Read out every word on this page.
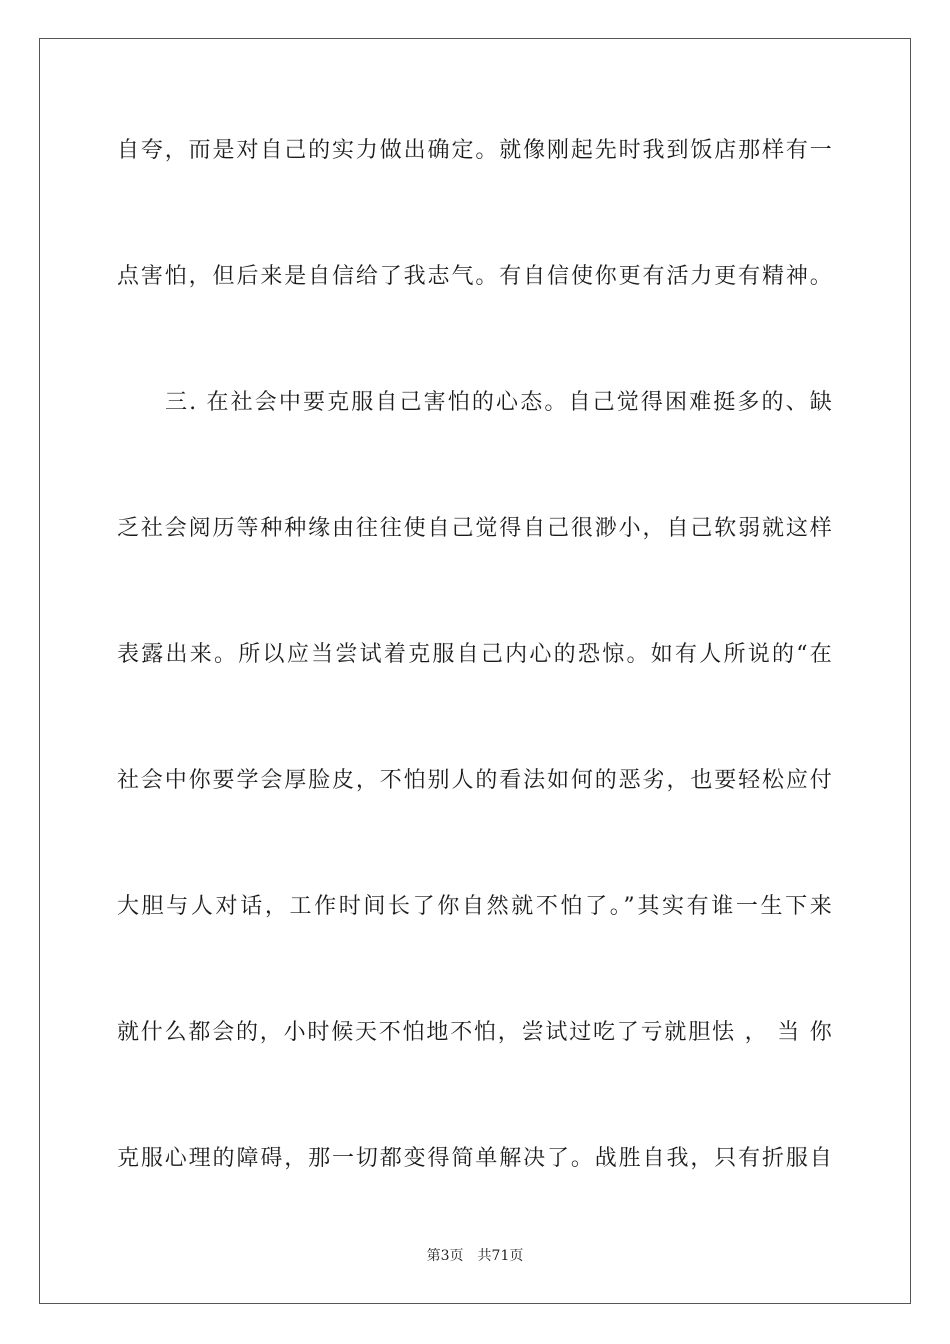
自夸，而是对自己的实力做出确定。就像刚起先时我到饭店那样有一
点害怕，但后来是自信给了我志气。有自信使你更有活力更有精神。
三. 在社会中要克服自己害怕的心态。自己觉得困难挺多的、缺
乏社会阅历等种种缘由往往使自己觉得自己很渺小，自己软弱就这样
表露出来。所以应当尝试着克服自己内心的恐惊。如有人所说的“在
社会中你要学会厚脸皮，不怕别人的看法如何的恶劣，也要轻松应付
大胆与人对话，工作时间长了你自然就不怕了。”其实有谁一生下来
就什么都会的，小时候天不怕地不怕，尝试过吃了亏就胆怯 ， 当 你
克服心理的障碍，那一切都变得简单解决了。战胜自我，只有折服自
第3页 共71页
